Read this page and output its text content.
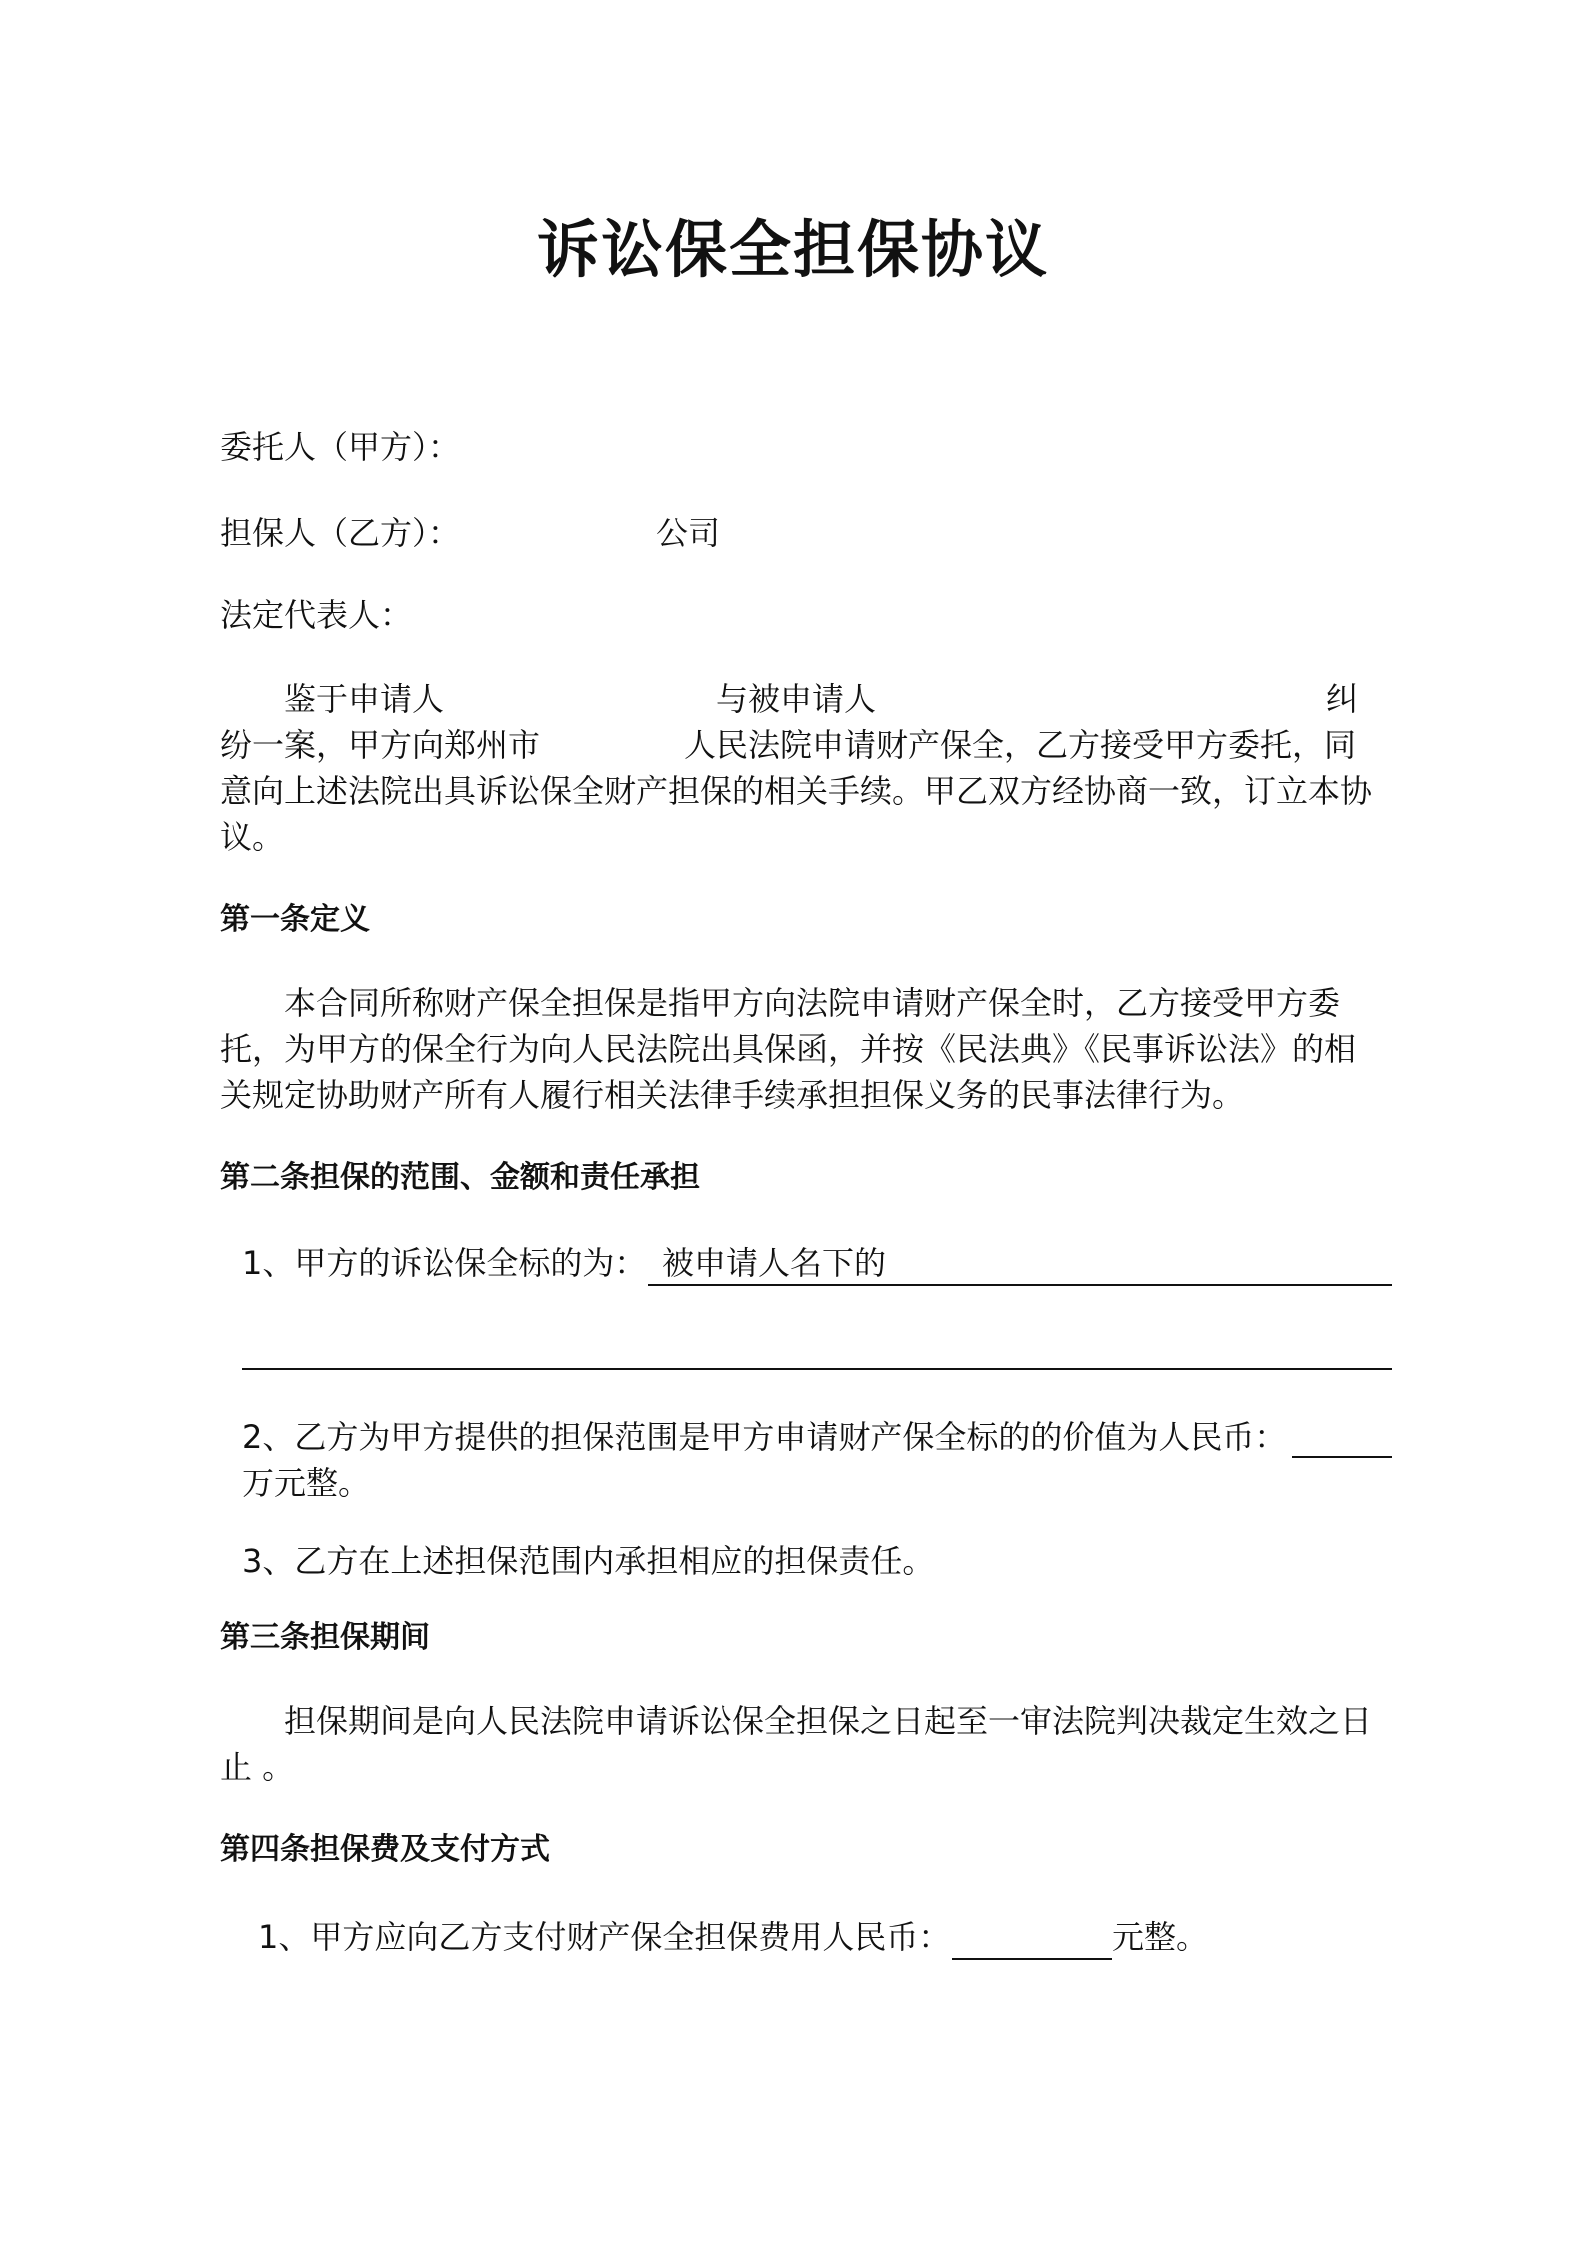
诉讼保全担保协议
委托人（甲方）：
担保人（乙方）：	公司
法定代表人：
鉴于申请人	与被申请人	纠
纷一案，甲方向郑州市	人民法院申请财产保全，乙方接受甲方委托，同
意向上述法院出具诉讼保全财产担保的相关手续。甲乙双方经协商一致，订立本协
议。
第一条定义
本合同所称财产保全担保是指甲方向法院申请财产保全时，乙方接受甲方委
托，为甲方的保全行为向人民法院出具保函，并按《民法典》《民事诉讼法》的相
关规定协助财产所有人履行相关法律手续承担担保义务的民事法律行为。
第二条担保的范围、金额和责任承担
1、甲方的诉讼保全标的为： 被申请人名下的
2、乙方为甲方提供的担保范围是甲方申请财产保全标的的价值为人民币：
万元整。
3、乙方在上述担保范围内承担相应的担保责任。
第三条担保期间
担保期间是向人民法院申请诉讼保全担保之日起至一审法院判决裁定生效之日
止 。
第四条担保费及支付方式
1、甲方应向乙方支付财产保全担保费用人民币：	元整。
